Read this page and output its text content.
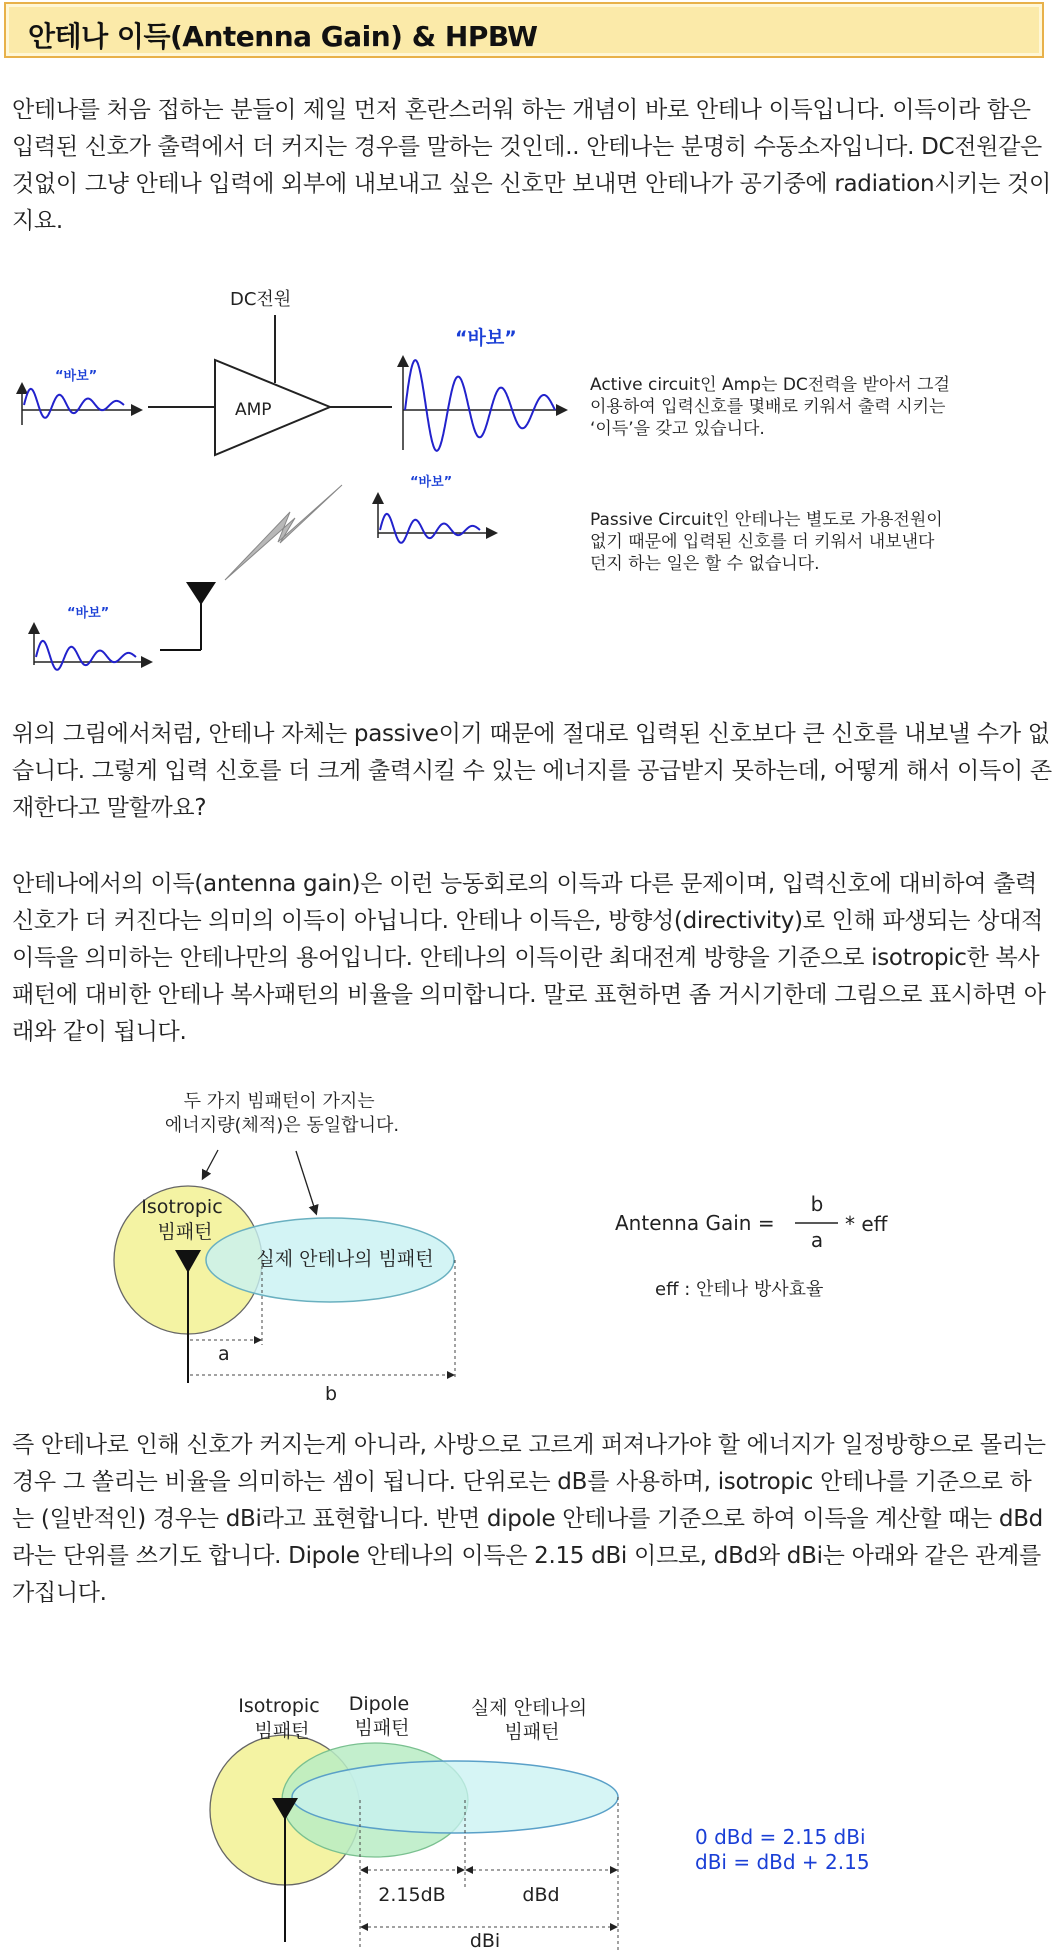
안테나 이득(Antenna Gain) & HPBW

안테나를 처음 접하는 분들이 제일 먼저 혼란스러워 하는 개념이 바로 안테나 이득입니다. 이득이라 함은 입력된 신호가 출력에서 더 커지는 경우를 말하는 것인데.. 안테나는 분명히 수동소자입니다. DC전원같은 것없이 그냥 안테나 입력에 외부에 내보내고 싶은 신호만 보내면 안테나가 공기중에 radiation시키는 것이지요.

“바보”
AMP
DC전원
“바보”
Active circuit인 Amp는 DC전력을 받아서 그걸 이용하여 입력신호를 몇배로 키워서 출력 시키는 ‘이득’을 갖고 있습니다.
“바보”
Passive Circuit인 안테나는 별도로 가용전원이 없기 때문에 입력된 신호를 더 키워서 내보낸다 던지 하는 일은 할 수 없습니다.
“바보”

위의 그림에서처럼, 안테나 자체는 passive이기 때문에 절대로 입력된 신호보다 큰 신호를 내보낼 수가 없습니다. 그렇게 입력 신호를 더 크게 출력시킬 수 있는 에너지를 공급받지 못하는데, 어떻게 해서 이득이 존재한다고 말할까요?

안테나에서의 이득(antenna gain)은 이런 능동회로의 이득과 다른 문제이며, 입력신호에 대비하여 출력신호가 더 커진다는 의미의 이득이 아닙니다. 안테나 이득은, 방향성(directivity)로 인해 파생되는 상대적 이득을 의미하는 안테나만의 용어입니다. 안테나의 이득이란 최대전계 방향을 기준으로 isotropic한 복사패턴에 대비한 안테나 복사패턴의 비율을 의미합니다. 말로 표현하면 좀 거시기한데 그림으로 표시하면 아래와 같이 됩니다.

두 가지 빔패턴이 가지는 에너지량(체적)은 동일합니다.
Isotropic 빔패턴
실제 안테나의 빔패턴
a
b
Antenna Gain =
b
a
* eff
eff : 안테나 방사효율

즉 안테나로 인해 신호가 커지는게 아니라, 사방으로 고르게 퍼져나가야 할 에너지가 일정방향으로 몰리는 경우 그 쏠리는 비율을 의미하는 셈이 됩니다. 단위로는 dB를 사용하며, isotropic 안테나를 기준으로 하는 (일반적인) 경우는 dBi라고 표현합니다. 반면 dipole 안테나를 기준으로 하여 이득을 계산할 때는 dBd 라는 단위를 쓰기도 합니다. Dipole 안테나의 이득은 2.15 dBi 이므로, dBd와 dBi는 아래와 같은 관계를 가집니다.

Isotropic 빔패턴
Dipole 빔패턴
실제 안테나의 빔패턴
2.15dB	dBd
dBi
0 dBd = 2.15 dBi
dBi = dBd + 2.15
